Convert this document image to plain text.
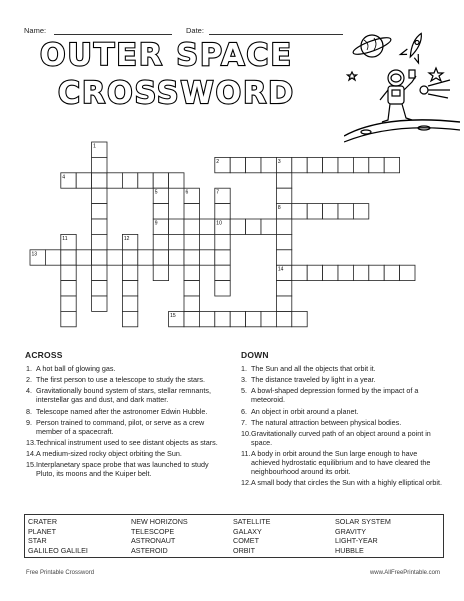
Name:	Date:
OUTER SPACE
CROSSWORD
1
2	3
4
5	6	7
8
9	10
11	12
13
14
15
ACROSS
1. A hot ball of glowing gas.
2. The first person to use a telescope to study the stars.
4. Gravitationally bound system of stars, stellar remnants, interstellar gas and dust, and dark matter.
8. Telescope named after the astronomer Edwin Hubble.
9. Person trained to command, pilot, or serve as a crew member of a spacecraft.
13. Technical instrument used to see distant objects as stars.
14. A medium-sized rocky object orbiting the Sun.
15. Interplanetary space probe that was launched to study Pluto, its moons and the Kuiper belt.
DOWN
1. The Sun and all the objects that orbit it.
3. The distance traveled by light in a year.
5. A bowl-shaped depression formed by the impact of a meteoroid.
6. An object in orbit around a planet.
7. The natural attraction between physical bodies.
10. Gravitationally curved path of an object around a point in space.
11. A body in orbit around the Sun large enough to have achieved hydrostatic equilibrium and to have cleared the neighbourhood around its orbit.
12. A small body that circles the Sun with a highly elliptical orbit.
CRATER	NEW HORIZONS	SATELLITE	SOLAR SYSTEM
PLANET	TELESCOPE	GALAXY	GRAVITY
STAR	ASTRONAUT	COMET	LIGHT-YEAR
GALILEO GALILEI	ASTEROID	ORBIT	HUBBLE
Free Printable Crossword	www.AllFreePrintable.com
